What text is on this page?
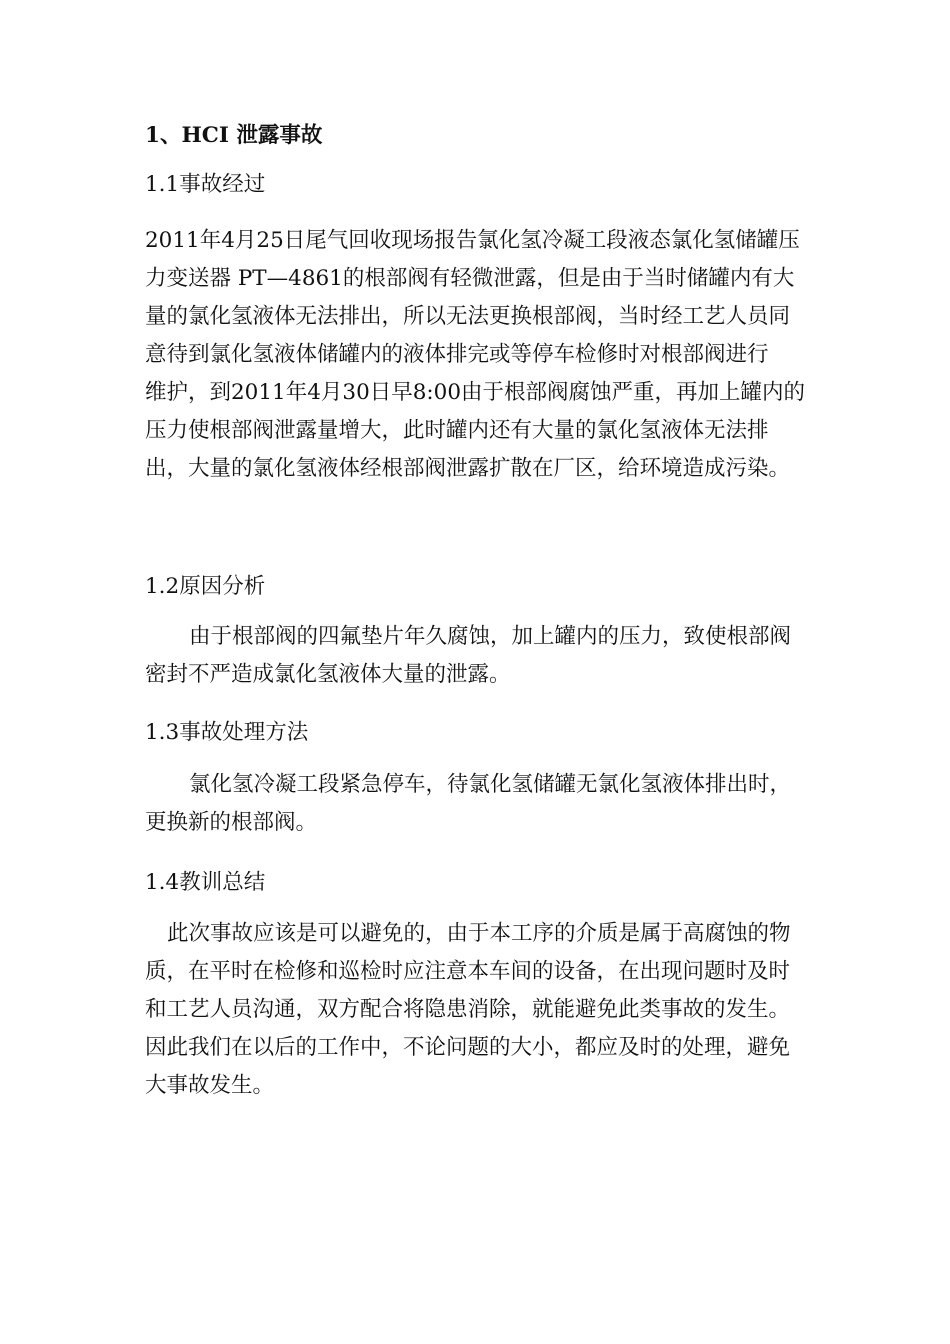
1、HCI 泄露事故
1.1事故经过
2011年4月25日尾气回收现场报告氯化氢冷凝工段液态氯化氢储罐压
力变送器 PT—4861的根部阀有轻微泄露，但是由于当时储罐内有大
量的氯化氢液体无法排出，所以无法更换根部阀，当时经工艺人员同
意待到氯化氢液体储罐内的液体排完或等停车检修时对根部阀进行
维护，到2011年4月30日早8:00由于根部阀腐蚀严重，再加上罐内的
压力使根部阀泄露量增大，此时罐内还有大量的氯化氢液体无法排
出，大量的氯化氢液体经根部阀泄露扩散在厂区，给环境造成污染。
1.2原因分析
由于根部阀的四氟垫片年久腐蚀，加上罐内的压力，致使根部阀
密封不严造成氯化氢液体大量的泄露。
1.3事故处理方法
氯化氢冷凝工段紧急停车，待氯化氢储罐无氯化氢液体排出时，
更换新的根部阀。
1.4教训总结
此次事故应该是可以避免的，由于本工序的介质是属于高腐蚀的物
质，在平时在检修和巡检时应注意本车间的设备，在出现问题时及时
和工艺人员沟通，双方配合将隐患消除，就能避免此类事故的发生。
因此我们在以后的工作中，不论问题的大小，都应及时的处理，避免
大事故发生。
